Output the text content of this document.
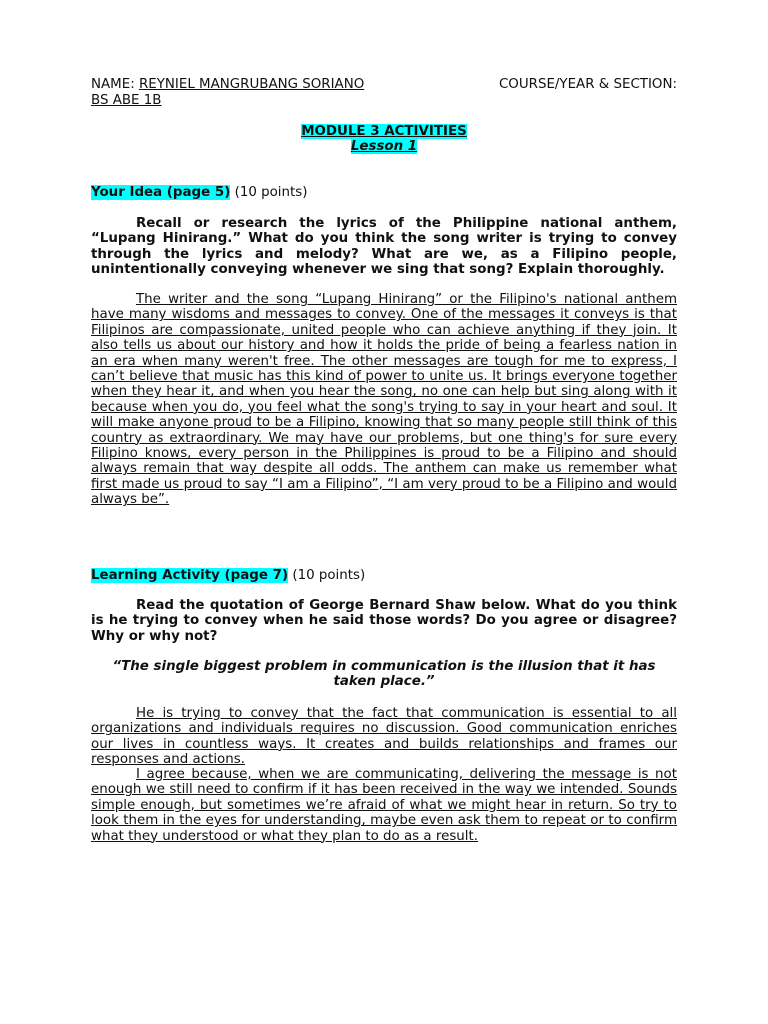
NAME: REYNIEL MANGRUBANG SORIANO	COURSE/YEAR & SECTION:
BS ABE 1B
MODULE 3 ACTIVITIES
Lesson 1
Your Idea (page 5) (10 points)
Recall or research the lyrics of the Philippine national anthem, “Lupang Hinirang.” What do you think the song writer is trying to convey through the lyrics and melody? What are we, as a Filipino people, unintentionally conveying whenever we sing that song? Explain thoroughly.
The writer and the song “Lupang Hinirang” or the Filipino's national anthem have many wisdoms and messages to convey. One of the messages it conveys is that Filipinos are compassionate, united people who can achieve anything if they join. It also tells us about our history and how it holds the pride of being a fearless nation in an era when many weren't free. The other messages are tough for me to express, I can’t believe that music has this kind of power to unite us. It brings everyone together when they hear it, and when you hear the song, no one can help but sing along with it because when you do, you feel what the song's trying to say in your heart and soul. It will make anyone proud to be a Filipino, knowing that so many people still think of this country as extraordinary. We may have our problems, but one thing's for sure every Filipino knows, every person in the Philippines is proud to be a Filipino and should always remain that way despite all odds. The anthem can make us remember what first made us proud to say “I am a Filipino”, “I am very proud to be a Filipino and would always be”.
Learning Activity (page 7) (10 points)
Read the quotation of George Bernard Shaw below. What do you think is he trying to convey when he said those words? Do you agree or disagree? Why or why not?
“The single biggest problem in communication is the illusion that it has taken place.”
He is trying to convey that the fact that communication is essential to all organizations and individuals requires no discussion. Good communication enriches our lives in countless ways. It creates and builds relationships and frames our responses and actions.
I agree because, when we are communicating, delivering the message is not enough we still need to confirm if it has been received in the way we intended. Sounds simple enough, but sometimes we’re afraid of what we might hear in return. So try to look them in the eyes for understanding, maybe even ask them to repeat or to confirm what they understood or what they plan to do as a result.
